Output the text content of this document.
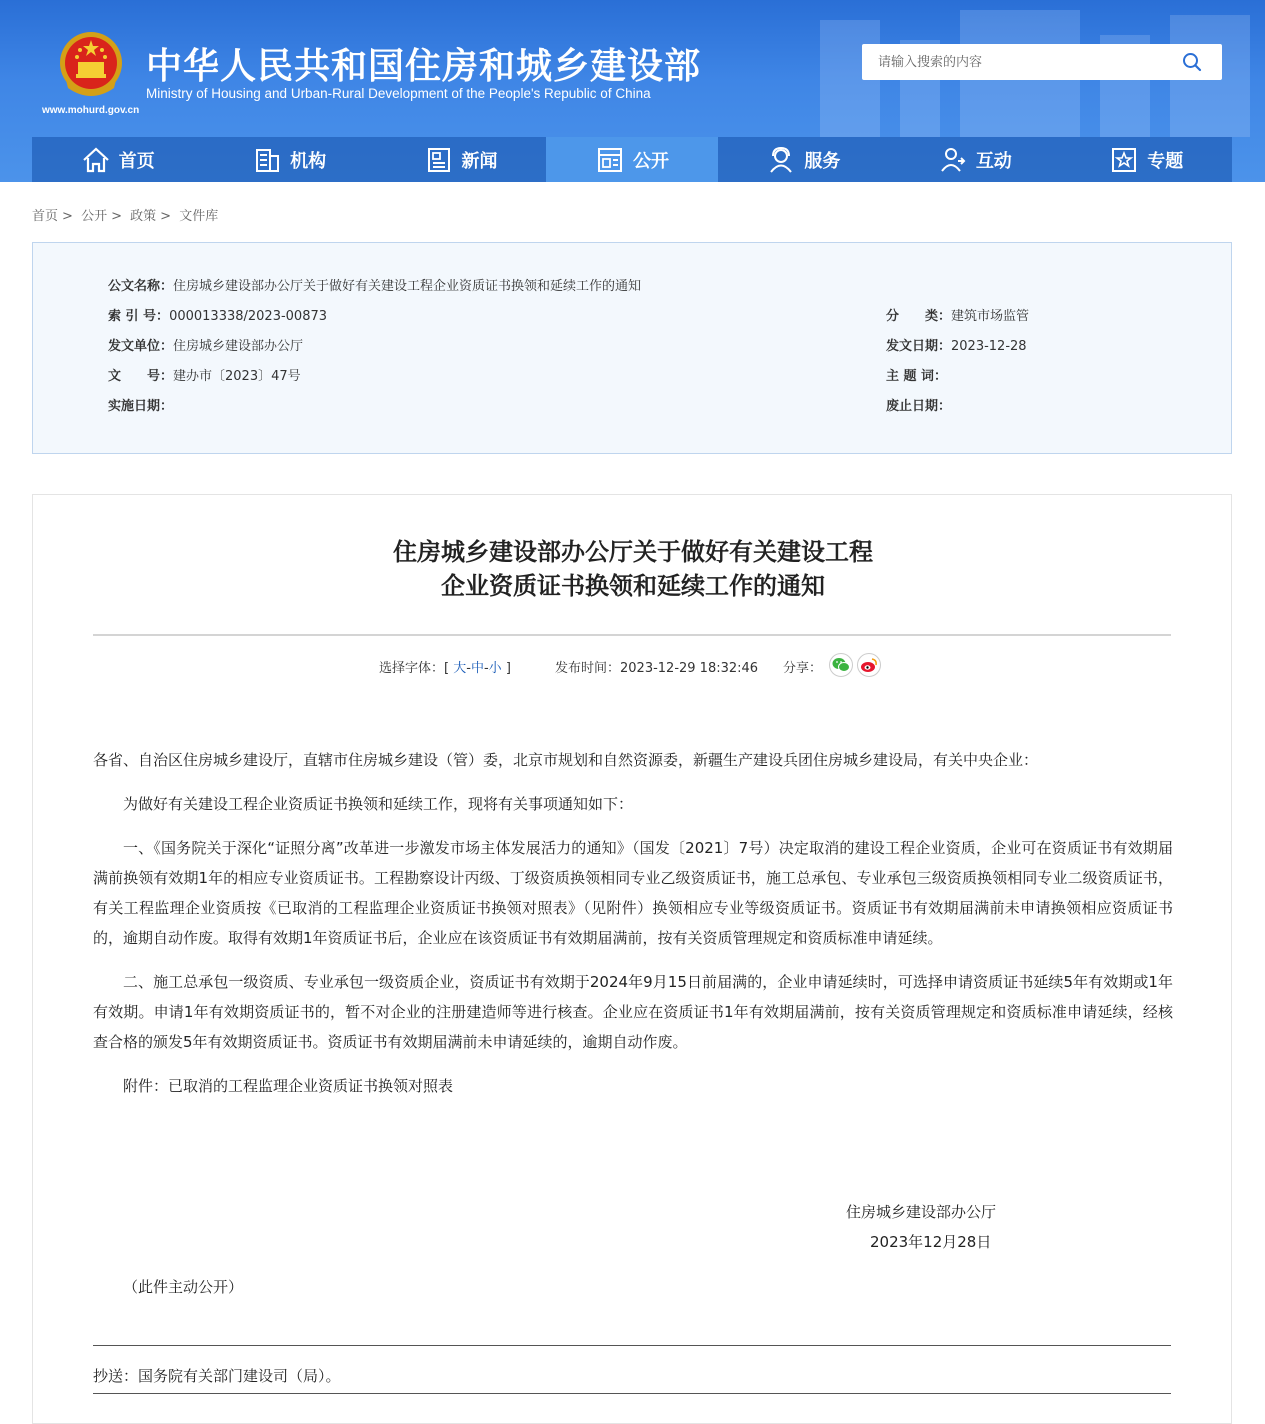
www.mohurd.gov.cn
中华人民共和国住房和城乡建设部
Ministry of Housing and Urban-Rural Development of the People's Republic of China
请输入搜索的内容
首页	机构	新闻	公开	服务	互动	专题
首页 > 公开 > 政策 > 文件库
公文名称：住房城乡建设部办公厅关于做好有关建设工程企业资质证书换领和延续工作的通知
索 引 号：000013338/2023-00873	分　　类：建筑市场监管
发文单位：住房城乡建设部办公厅	发文日期：2023-12-28
文　　号：建办市〔2023〕47号	主 题 词：
实施日期：	废止日期：
住房城乡建设部办公厅关于做好有关建设工程
企业资质证书换领和延续工作的通知
选择字体：[ 大-中-小 ]	发布时间：2023-12-29 18:32:46 分享：

各省、自治区住房城乡建设厅，直辖市住房城乡建设（管）委，北京市规划和自然资源委，新疆生产建设兵团住房城乡建设局，有关中央企业：

为做好有关建设工程企业资质证书换领和延续工作，现将有关事项通知如下：

一、《国务院关于深化“证照分离”改革进一步激发市场主体发展活力的通知》（国发〔2021〕7号）决定取消的建设工程企业资质，企业可在资质证书有效期届满前换领有效期1年的相应专业资质证书。工程勘察设计丙级、丁级资质换领相同专业乙级资质证书，施工总承包、专业承包三级资质换领相同专业二级资质证书，有关工程监理企业资质按《已取消的工程监理企业资质证书换领对照表》（见附件）换领相应专业等级资质证书。资质证书有效期届满前未申请换领相应资质证书的，逾期自动作废。取得有效期1年资质证书后，企业应在该资质证书有效期届满前，按有关资质管理规定和资质标准申请延续。

二、施工总承包一级资质、专业承包一级资质企业，资质证书有效期于2024年9月15日前届满的，企业申请延续时，可选择申请资质证书延续5年有效期或1年有效期。申请1年有效期资质证书的，暂不对企业的注册建造师等进行核查。企业应在资质证书1年有效期届满前，按有关资质管理规定和资质标准申请延续，经核查合格的颁发5年有效期资质证书。资质证书有效期届满前未申请延续的，逾期自动作废。

附件：已取消的工程监理企业资质证书换领对照表

住房城乡建设部办公厅
2023年12月28日
（此件主动公开）
抄送：国务院有关部门建设司（局）。
